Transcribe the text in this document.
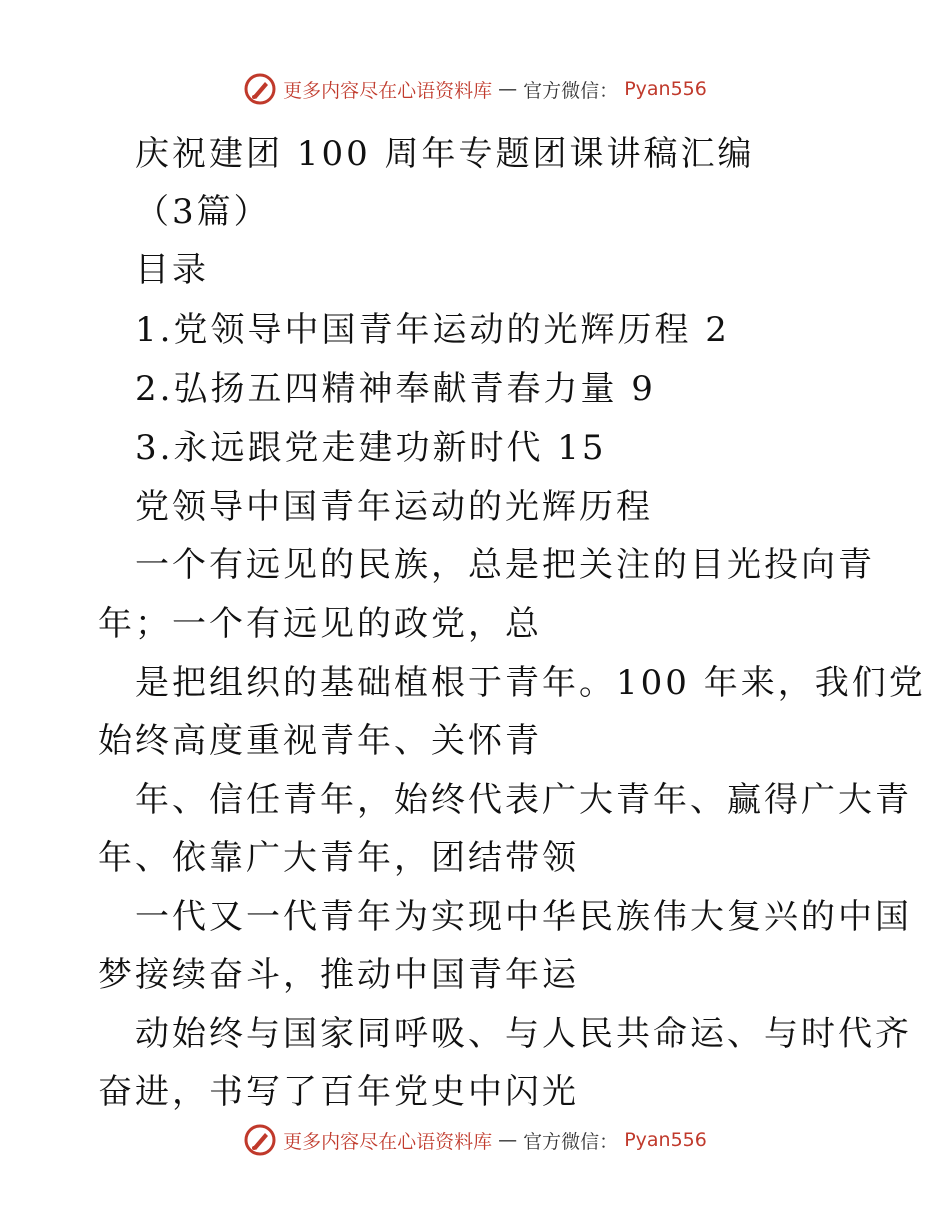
更多内容尽在心语资料库 — 官方微信： Pyan556
庆祝建团 100 周年专题团课讲稿汇编
（3篇）
目录
1.党领导中国青年运动的光辉历程 2
2.弘扬五四精神奉献青春力量 9
3.永远跟党走建功新时代 15
党领导中国青年运动的光辉历程
一个有远见的民族，总是把关注的目光投向青
年；一个有远见的政党，总
是把组织的基础植根于青年。100 年来，我们党
始终高度重视青年、关怀青
年、信任青年，始终代表广大青年、赢得广大青
年、依靠广大青年，团结带领
一代又一代青年为实现中华民族伟大复兴的中国
梦接续奋斗，推动中国青年运
动始终与国家同呼吸、与人民共命运、与时代齐
奋进，书写了百年党史中闪光
更多内容尽在心语资料库 — 官方微信： Pyan556
